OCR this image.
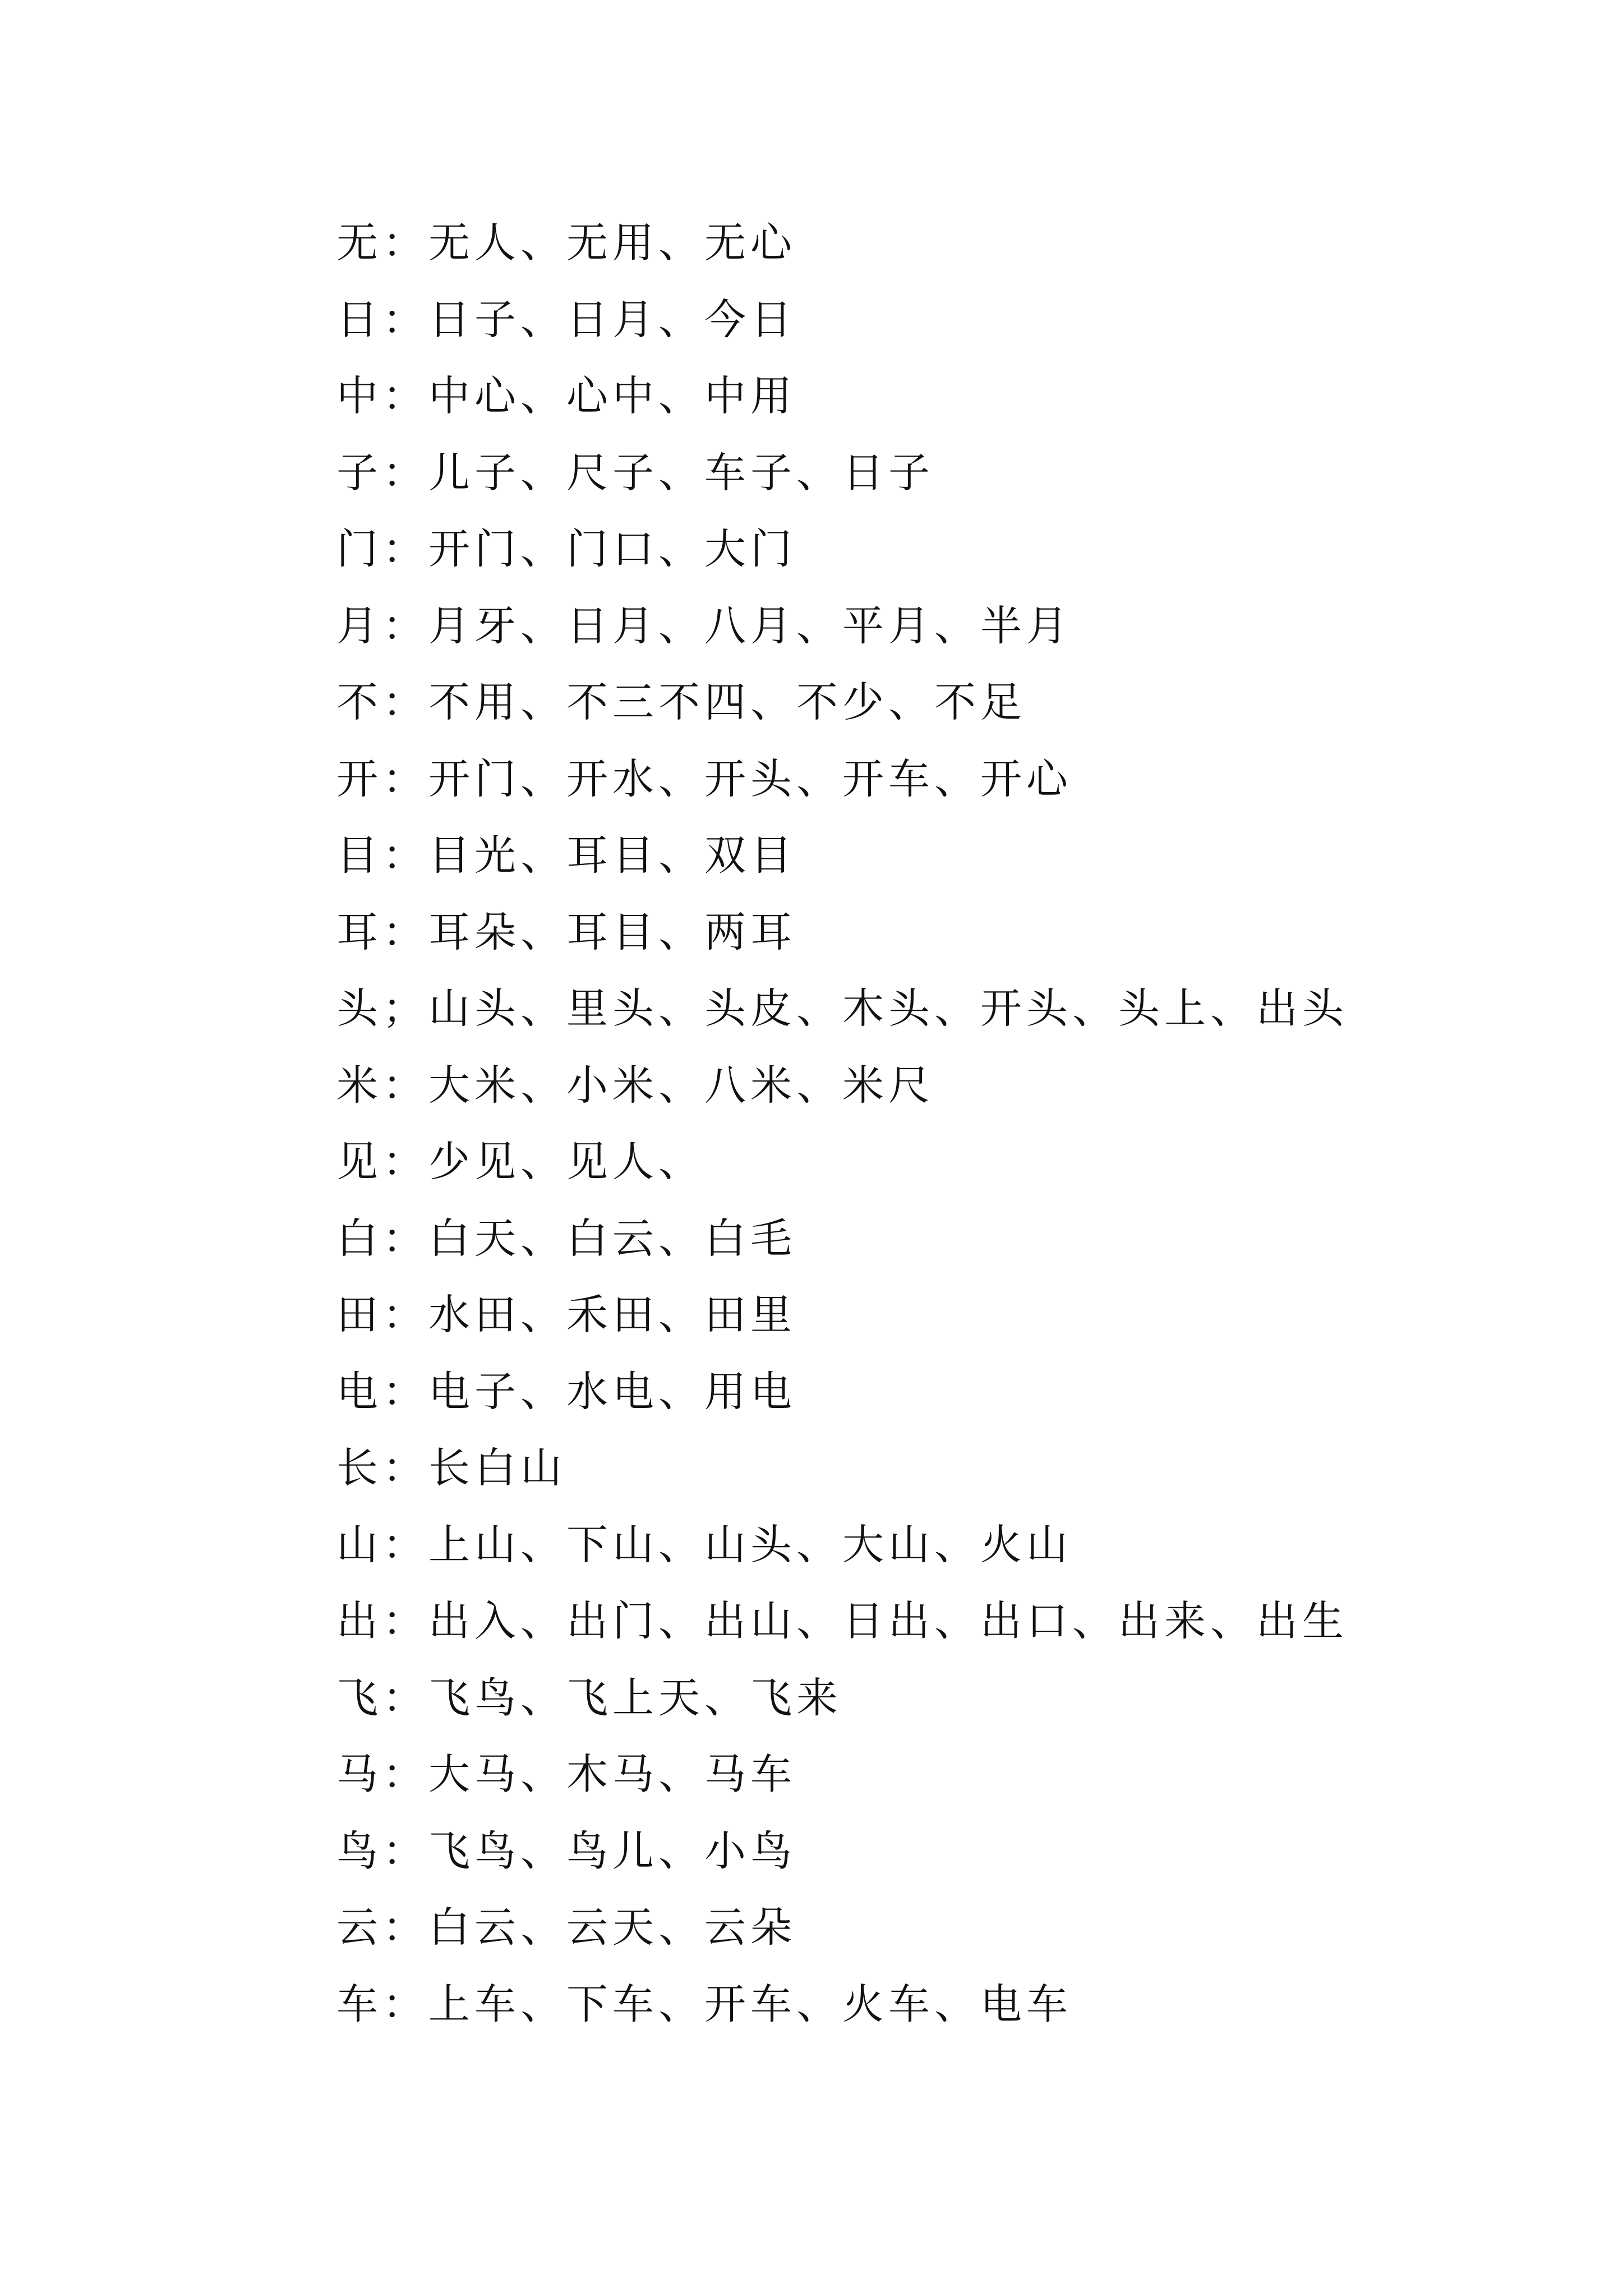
无：无人、无用、无心
日：日子、日月、今日
中：中心、心中、中用
子：儿子、尺子、车子、日子
门：开门、门口、大门
月：月牙、日月、八月、平月、半月
不：不用、不三不四、不少、不足
开：开门、开水、开头、开车、开心
目：目光、耳目、双目
耳：耳朵、耳目、两耳
头；山头、里头、头皮、木头、开头、头上、出头
米：大米、小米、八米、米尺
见：少见、见人、
白：白天、白云、白毛
田：水田、禾田、田里
电：电子、水电、用电
长：长白山
山：上山、下山、山头、大山、火山
出：出入、出门、出山、日出、出口、出来、出生
飞：飞鸟、飞上天、飞来
马：大马、木马、马车
鸟：飞鸟、鸟儿、小鸟
云：白云、云天、云朵
车：上车、下车、开车、火车、电车
